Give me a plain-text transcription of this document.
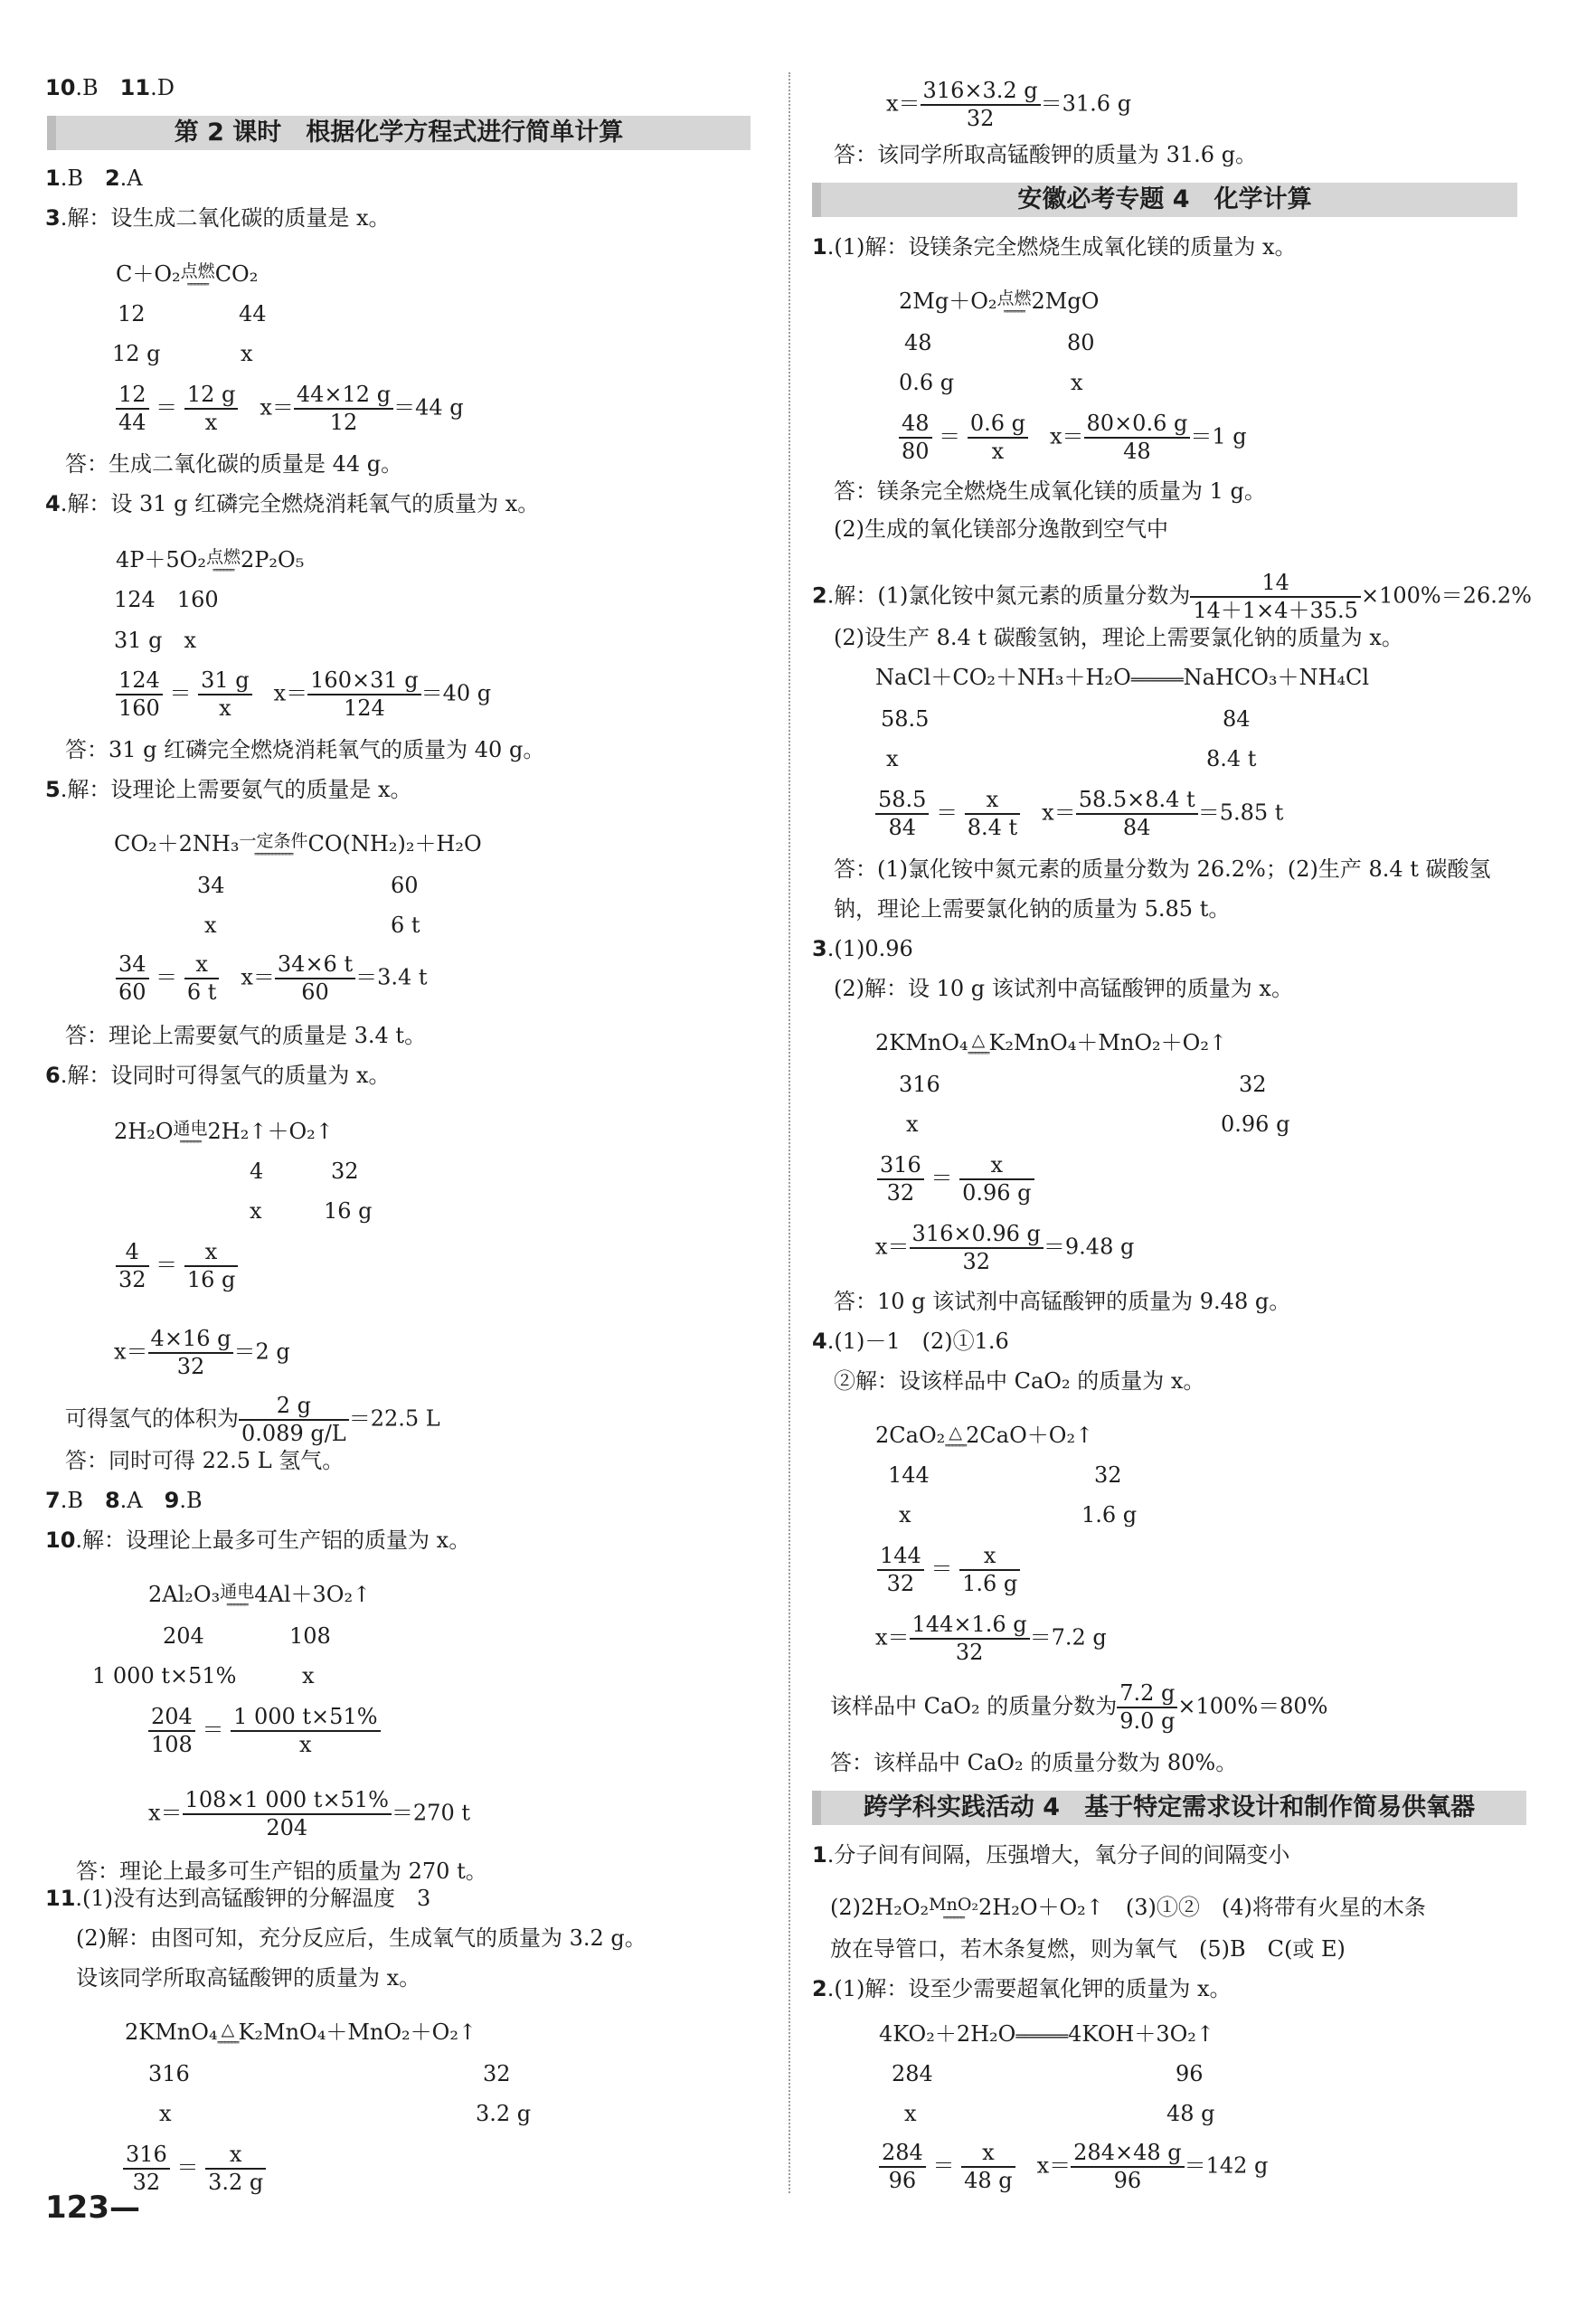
10.B　11.D
第 2 课时　根据化学方程式进行简单计算
1.B　2.A
3.解：设生成二氧化碳的质量是 x。
C＋O₂ 点燃
══════ CO₂
12	44
12 g	x
$\frac{12}{44} = \frac{12 g}{x}$
　 $x= \frac{44\times 12 g}{12} =44$ g
答：生成二氧化碳的质量是 44 g。
4.解：设 31 g 红磷完全燃烧消耗氧气的质量为 x。
4P＋5O₂ 点燃
══════ 2P₂O₅
124　160
31 g　x
$\frac{124}{160} = \frac{31 g}{x}$
　 $x= \frac{160\times 31 g}{124} =40$ g
答：31 g 红磷完全燃烧消耗氧气的质量为 40 g。
5.解：设理论上需要氨气的质量是 x。
CO₂＋2NH₃ 一定条件
═══════════ CO(NH₂)₂＋H₂O
34	60
x	6 t
$\frac{34}{60} = \frac{x}{6 t}$
　 $x= \frac{34\times 6 t}{60} =3.4$ t
答：理论上需要氨气的质量是 3.4 t。
6.解：设同时可得氢气的质量为 x。
2H₂O 通电
══════ 2H₂↑＋O₂↑
4	32
x	16 g
$\frac{4}{32} = \frac{x}{16 g}$
$x= \frac{4\times 16 g}{32} =2$ g
可得氢气的体积为 $\frac{2 g}{0.089 g/L} =22.5$ L
答：同时可得 22.5 L 氢气。
7.B　8.A　9.B
10.解：设理论上最多可生产铝的质量为 x。
2Al₂O₃ 通电
══════ 4Al＋3O₂↑
204	108
1 000 t×51%	x
$\frac{204}{108} = \frac{1 000 t\times 51\%}{x}$
$x= \frac{108\times 1 000 t\times 51\%}{204} =270$ t
答：理论上最多可生产铝的质量为 270 t。
11.(1)没有达到高锰酸钾的分解温度　3
(2)解：由图可知，充分反应后，生成氧气的质量为 3.2 g。
设该同学所取高锰酸钾的质量为 x。
2KMnO₄ △
══════ K₂MnO₄＋MnO₂＋O₂↑
316	32
x	3.2 g
$\frac{316}{32} = \frac{x}{3.2 g}$
123—
$x= \frac{316\times 3.2 g}{32} =31.6$ g
答：该同学所取高锰酸钾的质量为 31.6 g。
安徽必考专题 4　化学计算
1.(1)解：设镁条完全燃烧生成氧化镁的质量为 x。
2Mg＋O₂ 点燃
══════ 2MgO
48	80
0.6 g	x
$\frac{48}{80} = \frac{0.6 g}{x}$
　 $x= \frac{80\times 0.6 g}{48} =1$ g
答：镁条完全燃烧生成氧化镁的质量为 1 g。
(2)生成的氧化镁部分逸散到空气中
2.解：(1)氯化铵中氮元素的质量分数为 $\frac{14}{14+1\times 4+35.5} \times 100\%=26.2\%$
(2)设生产 8.4 t 碳酸氢钠，理论上需要氯化钠的质量为 x。
NaCl＋CO₂＋NH₃＋H₂O══════NaHCO₃＋NH₄Cl
58.5	84
x	8.4 t
$\frac{58.5}{84} = \frac{x}{8.4 t}$
　 $x= \frac{58.5\times 8.4 t}{84} =5.85$ t
答：(1)氯化铵中氮元素的质量分数为 26.2%；(2)生产 8.4 t 碳酸氢
钠，理论上需要氯化钠的质量为 5.85 t。
3.(1)0.96
(2)解：设 10 g 该试剂中高锰酸钾的质量为 x。
2KMnO₄ △
══════ K₂MnO₄＋MnO₂＋O₂↑
316	32
x	0.96 g
$\frac{316}{32} = \frac{x}{0.96 g}$
$x= \frac{316\times 0.96 g}{32} =9.48$ g
答：10 g 该试剂中高锰酸钾的质量为 9.48 g。
4.(1)－1　(2)①1.6
②解：设该样品中 CaO₂ 的质量为 x。
2CaO₂ △
══════ 2CaO＋O₂↑
144	32
x	1.6 g
$\frac{144}{32} = \frac{x}{1.6 g}$
$x= \frac{144\times 1.6 g}{32} =7.2$ g
该样品中 CaO₂ 的质量分数为 $\frac{7.2 g}{9.0 g} \times 100\%=80\%$
答：该样品中 CaO₂ 的质量分数为 80%。
跨学科实践活动 4　基于特定需求设计和制作简易供氧器
1.分子间有间隔，压强增大，氧分子间的间隔变小
(2)2H₂O₂ MnO₂
══════ 2H₂O＋O₂↑　(3)①②　(4)将带有火星的木条
放在导管口，若木条复燃，则为氧气　(5)B　C(或 E)
2.(1)解：设至少需要超氧化钾的质量为 x。
4KO₂＋2H₂O══════4KOH＋3O₂↑
284	96
x	48 g
$\frac{284}{96} = \frac{x}{48 g}$
　 $x= \frac{284\times 48 g}{96} =142$ g
